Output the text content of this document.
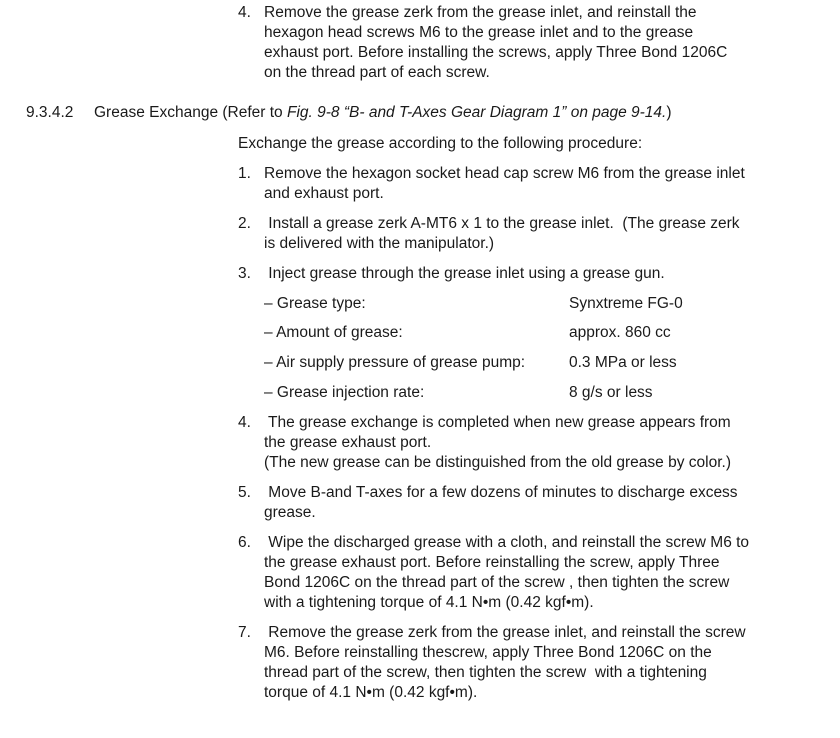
4. Remove the grease zerk from the grease inlet, and reinstall the
hexagon head screws M6 to the grease inlet and to the grease
exhaust port. Before installing the screws, apply Three Bond 1206C
on the thread part of each screw.
9.3.4.2 Grease Exchange (Refer to Fig. 9-8 “B- and T-Axes Gear Diagram 1” on page 9-14.)
Exchange the grease according to the following procedure:
1. Remove the hexagon socket head cap screw M6 from the grease inlet
and exhaust port.
2. Install a grease zerk A-MT6 x 1 to the grease inlet.  (The grease zerk
is delivered with the manipulator.)
3. Inject grease through the grease inlet using a grease gun.
– Grease type:	Synxtreme FG-0
– Amount of grease:	approx. 860 cc
– Air supply pressure of grease pump:	0.3 MPa or less
– Grease injection rate:	8 g/s or less
4. The grease exchange is completed when new grease appears from
the grease exhaust port.
(The new grease can be distinguished from the old grease by color.)
5. Move B-and T-axes for a few dozens of minutes to discharge excess
grease.
6. Wipe the discharged grease with a cloth, and reinstall the screw M6 to
the grease exhaust port. Before reinstalling the screw, apply Three
Bond 1206C on the thread part of the screw , then tighten the screw
with a tightening torque of 4.1 N•m (0.42 kgf•m).
7. Remove the grease zerk from the grease inlet, and reinstall the screw
M6. Before reinstalling thescrew, apply Three Bond 1206C on the
thread part of the screw, then tighten the screw  with a tightening
torque of 4.1 N•m (0.42 kgf•m).
